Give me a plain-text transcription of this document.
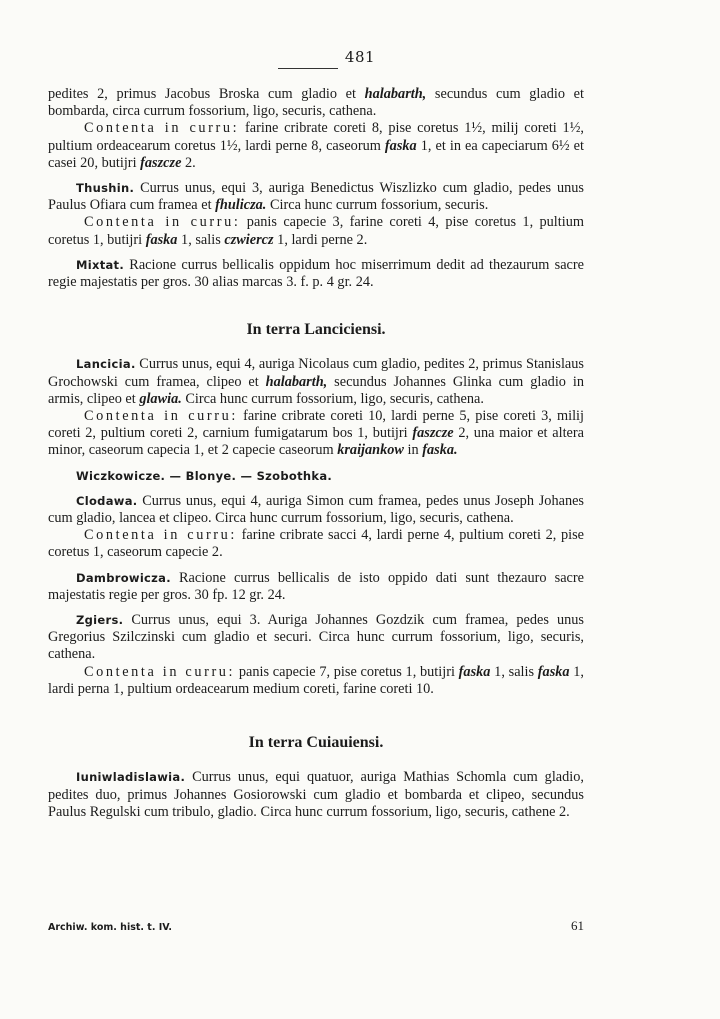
481

pedites 2, primus Jacobus Broska cum gladio et halabarth, secundus cum gladio et bombarda, circa currum fossorium, ligo, securis, cathena.

Contenta in curru: farine cribrate coreti 8, pise coretus 1½, milij coreti 1½, pultium ordeacearum coretus 1½, lardi perne 8, caseorum faska 1, et in ea capeciarum 6½ et casei 20, butijri faszcze 2.

Thushin. Currus unus, equi 3, auriga Benedictus Wiszlizko cum gladio, pedes unus Paulus Ofiara cum framea et fhulicza. Circa hunc currum fossorium, securis.

Contenta in curru: panis capecie 3, farine coreti 4, pise coretus 1, pultium coretus 1, butijri faska 1, salis czwiercz 1, lardi perne 2.

Mixtat. Racione currus bellicalis oppidum hoc miserrimum dedit ad thezaurum sacre regie majestatis per gros. 30 alias marcas 3. f. p. 4 gr. 24.

In terra Lanciciensi.

Lancicia. Currus unus, equi 4, auriga Nicolaus cum gladio, pedites 2, primus Stanislaus Grochowski cum framea, clipeo et halabarth, secundus Johannes Glinka cum gladio in armis, clipeo et glawia. Circa hunc currum fossorium, ligo, securis, cathena.

Contenta in curru: farine cribrate coreti 10, lardi perne 5, pise coreti 3, milij coreti 2, pultium coreti 2, carnium fumigatarum bos 1, butijri faszcze 2, una maior et altera minor, caseorum capecia 1, et 2 capecie caseorum kraijankow in faska.

Wiczkowicze. — Blonye. — Szobothka.

Clodawa. Currus unus, equi 4, auriga Simon cum framea, pedes unus Joseph Johanes cum gladio, lancea et clipeo. Circa hunc currum fossorium, ligo, securis, cathena.

Contenta in curru: farine cribrate sacci 4, lardi perne 4, pultium coreti 2, pise coretus 1, caseorum capecie 2.

Dambrowicza. Racione currus bellicalis de isto oppido dati sunt thezauro sacre majestatis regie per gros. 30 fp. 12 gr. 24.

Zgiers. Currus unus, equi 3. Auriga Johannes Gozdzik cum framea, pedes unus Gregorius Szilczinski cum gladio et securi. Circa hunc currum fossorium, ligo, securis, cathena.

Contenta in curru: panis capecie 7, pise coretus 1, butijri faska 1, salis faska 1, lardi perna 1, pultium ordeacearum medium coreti, farine coreti 10.

In terra Cuiauiensi.

Iuniwladislawia. Currus unus, equi quatuor, auriga Mathias Schomla cum gladio, pedites duo, primus Johannes Gosiorowski cum gladio et bombarda et clipeo, secundus Paulus Regulski cum tribulo, gladio. Circa hunc currum fossorium, ligo, securis, cathene 2.

Archiw. kom. hist. t. IV.	61
